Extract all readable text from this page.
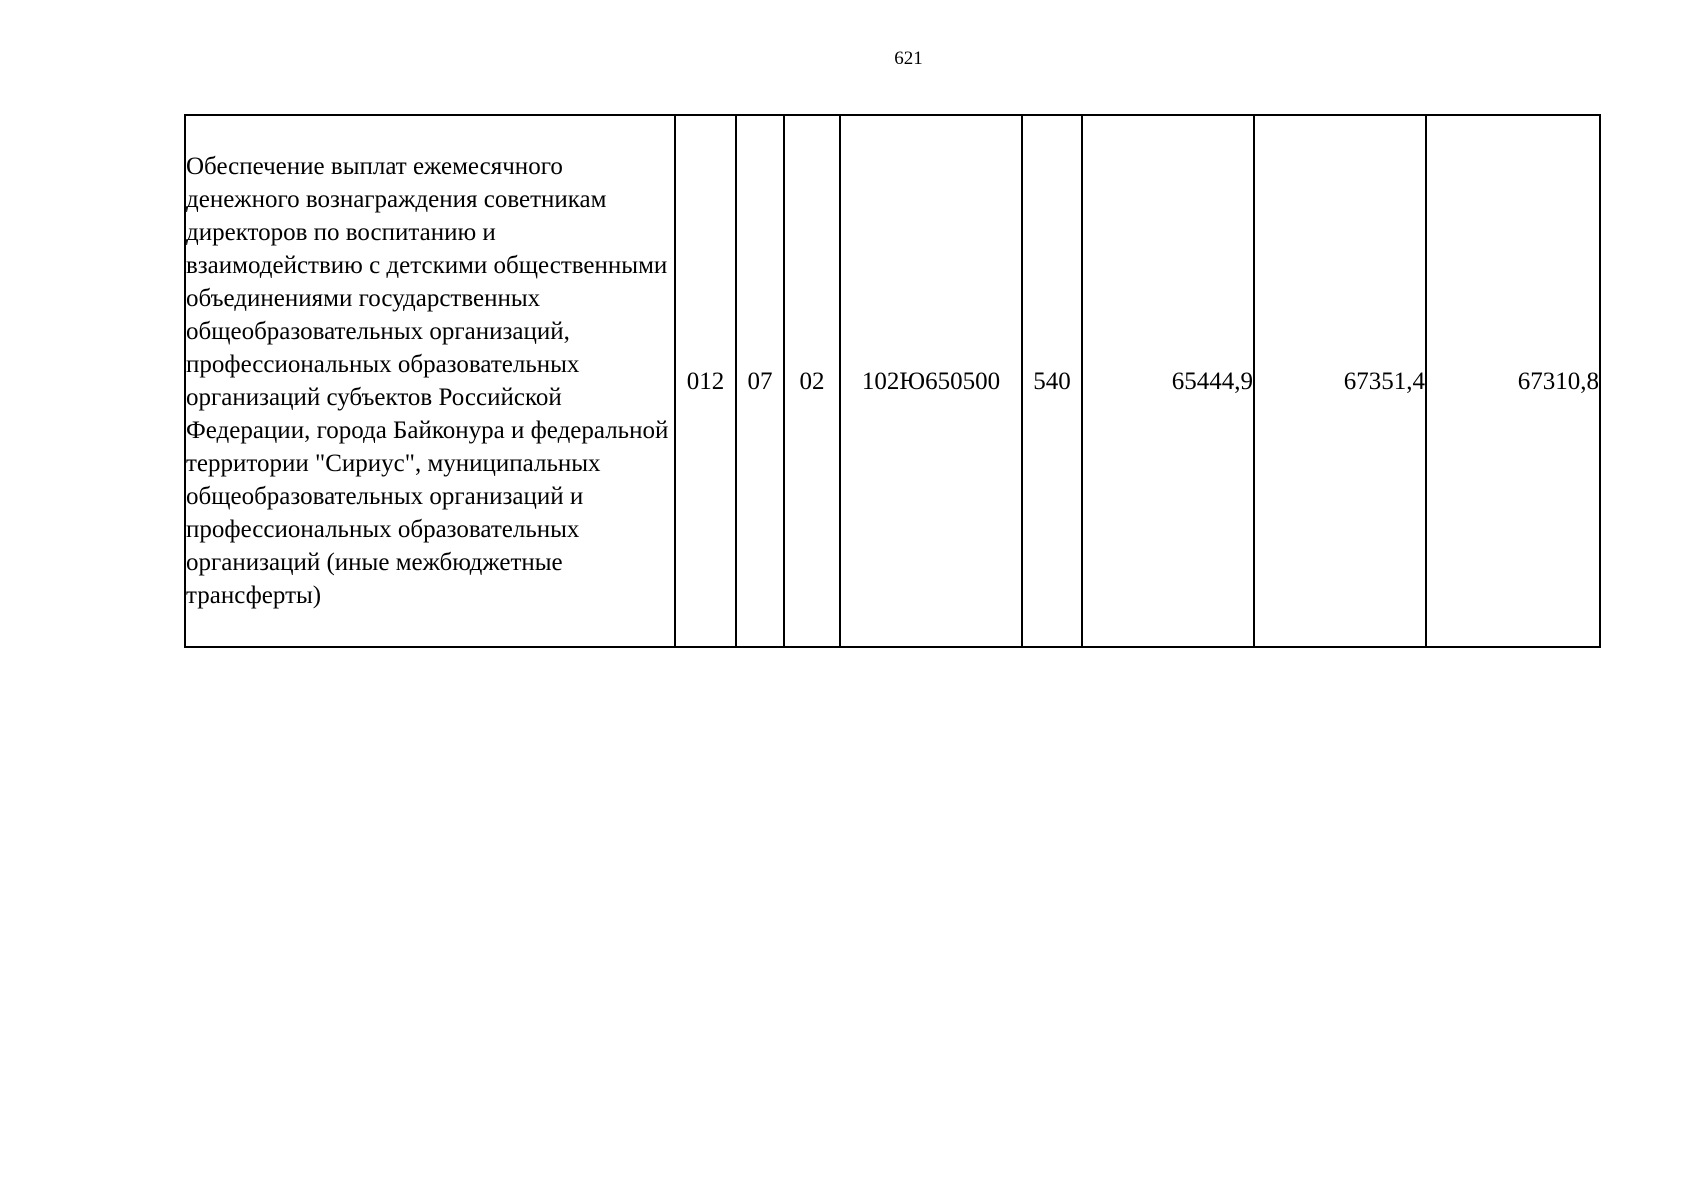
621
Обеспечение выплат ежемесячного денежного вознаграждения советникам директоров по воспитанию и взаимодействию с детскими общественными объединениями государственных общеобразовательных организаций, профессиональных образовательных организаций субъектов Российской Федерации, города Байконура и федеральной территории "Сириус", муниципальных общеобразовательных организаций и профессиональных образовательных организаций (иные межбюджетные трансферты)	012	07	02	102Ю650500	540	65444,9	67351,4	67310,8
